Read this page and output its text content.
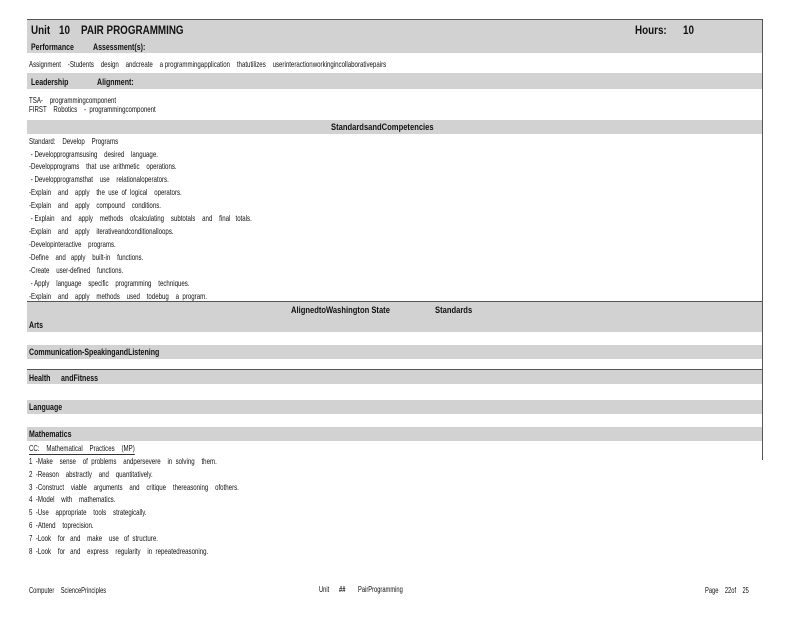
Unit 10 PAIR PROGRAMMING	Hours: 10
Performance Assessment(s):
Assignment    -Students    design    andcreate    a programmingapplication    thatutilizes    userinteractionworkingincollaborativepairs
Leadership	Alignment:
TSA-    programmingcomponent
FIRST    Robotics    -  programmingcomponent
StandardsandCompetencies
Standard:    Develop    Programs
- Developprogramsusing    desired    language.
-Developprograms    that  use  arithmetic    operations.
- Developprogramsthat    use    relationaloperators.
-Explain    and    apply    the  use  of  logical    operators.
-Explain    and    apply    compound    conditions.
- Explain    and    apply    methods    ofcalculating    subtotals    and    final   totals.
-Explain    and    apply    iterativeandconditionalloops.
-Developinteractive    programs.
-Define    and   apply    built-in    functions.
-Create    user-defined    functions.
- Apply    language    specific    programming    techniques.
-Explain    and    apply    methods    used    todebug    a  program.
AlignedtoWashington State	Standards
Arts
Communication-SpeakingandListening
Health andFitness
Language
Mathematics
CC:    Mathematical    Practices    (MP)
1  -Make    sense    of  problems    andpersevere    in  solving    them.
2  -Reason    abstractly    and    quantitatively.
3  -Construct    viable    arguments    and    critique    thereasoning    ofothers.
4  -Model    with    mathematics.
5  -Use    appropriate    tools    strategically.
6  -Attend    toprecision.
7  -Look    for   and    make    use   of  structure.
8  -Look    for   and    express    regularity    in  repeatedreasoning.
Computer    SciencePrinciples	Unit ## PairProgramming	Page    22of    25
